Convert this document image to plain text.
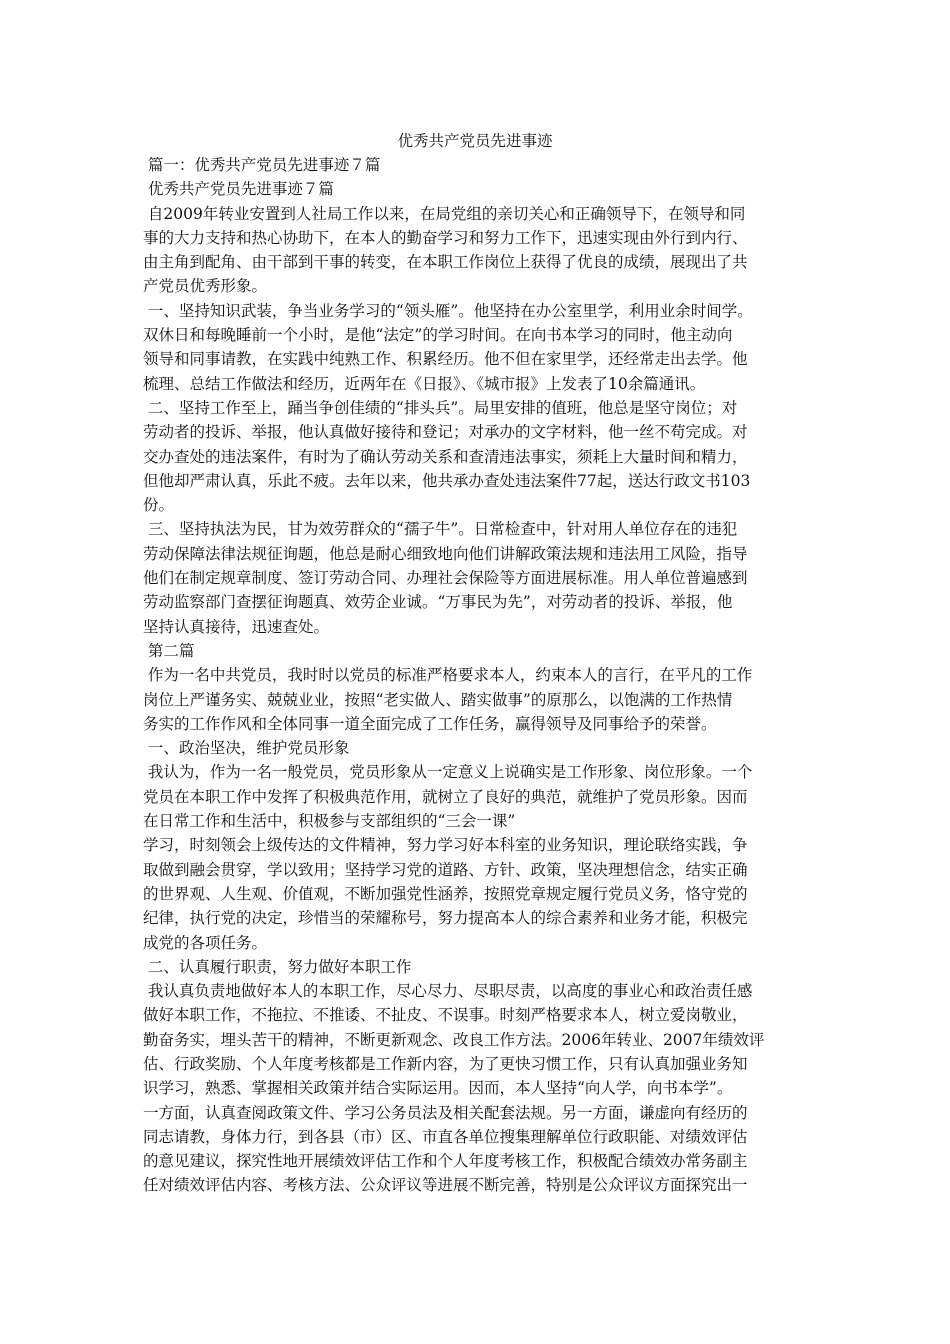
优秀共产党员先进事迹
篇一：优秀共产党员先进事迹７篇
优秀共产党员先进事迹７篇
自2009年转业安置到人社局工作以来，在局党组的亲切关心和正确领导下，在领导和同
事的大力支持和热心协助下，在本人的勤奋学习和努力工作下，迅速实现由外行到内行、
由主角到配角、由干部到干事的转变，在本职工作岗位上获得了优良的成绩，展现出了共
产党员优秀形象。
一、坚持知识武装，争当业务学习的“领头雁”。他坚持在办公室里学，利用业余时间学。
双休日和每晚睡前一个小时，是他“法定”的学习时间。在向书本学习的同时，他主动向
领导和同事请教，在实践中纯熟工作、积累经历。他不但在家里学，还经常走出去学。他
梳理、总结工作做法和经历，近两年在《日报》、《城市报》上发表了10余篇通讯。
二、坚持工作至上，踊当争创佳绩的“排头兵”。局里安排的值班，他总是坚守岗位；对
劳动者的投诉、举报，他认真做好接待和登记；对承办的文字材料，他一丝不苟完成。对
交办查处的违法案件，有时为了确认劳动关系和查清违法事实，须耗上大量时间和精力，
但他却严肃认真，乐此不疲。去年以来，他共承办查处违法案件77起，送达行政文书103
份。
三、坚持执法为民，甘为效劳群众的“孺子牛”。日常检查中，针对用人单位存在的违犯
劳动保障法律法规征询题，他总是耐心细致地向他们讲解政策法规和违法用工风险，指导
他们在制定规章制度、签订劳动合同、办理社会保险等方面进展标准。用人单位普遍感到
劳动监察部门查摆征询题真、效劳企业诚。“万事民为先”，对劳动者的投诉、举报，他
坚持认真接待，迅速查处。
第二篇
作为一名中共党员，我时时以党员的标准严格要求本人，约束本人的言行，在平凡的工作
岗位上严谨务实、兢兢业业，按照“老实做人、踏实做事”的原那么，以饱满的工作热情
务实的工作作风和全体同事一道全面完成了工作任务，赢得领导及同事给予的荣誉。
一、政治坚决，维护党员形象
我认为，作为一名一般党员，党员形象从一定意义上说确实是工作形象、岗位形象。一个
党员在本职工作中发挥了积极典范作用，就树立了良好的典范，就维护了党员形象。因而
在日常工作和生活中，积极参与支部组织的“三会一课”
学习，时刻领会上级传达的文件精神，努力学习好本科室的业务知识，理论联络实践，争
取做到融会贯穿，学以致用；坚持学习党的道路、方针、政策，坚决理想信念，结实正确
的世界观、人生观、价值观，不断加强党性涵养，按照党章规定履行党员义务，恪守党的
纪律，执行党的决定，珍惜当的荣耀称号，努力提高本人的综合素养和业务才能，积极完
成党的各项任务。
二、认真履行职责，努力做好本职工作
我认真负责地做好本人的本职工作，尽心尽力、尽职尽责，以高度的事业心和政治责任感
做好本职工作，不拖拉、不推诿、不扯皮、不误事。时刻严格要求本人，树立爱岗敬业，
勤奋务实，埋头苦干的精神，不断更新观念、改良工作方法。2006年转业、2007年绩效评
估、行政奖励、个人年度考核都是工作新内容，为了更快习惯工作，只有认真加强业务知
识学习，熟悉、掌握相关政策并结合实际运用。因而，本人坚持“向人学，向书本学”。
一方面，认真查阅政策文件、学习公务员法及相关配套法规。另一方面，谦虚向有经历的
同志请教，身体力行，到各县（市）区、市直各单位搜集理解单位行政职能、对绩效评估
的意见建议，探究性地开展绩效评估工作和个人年度考核工作，积极配合绩效办常务副主
任对绩效评估内容、考核方法、公众评议等进展不断完善，特别是公众评议方面探究出一
